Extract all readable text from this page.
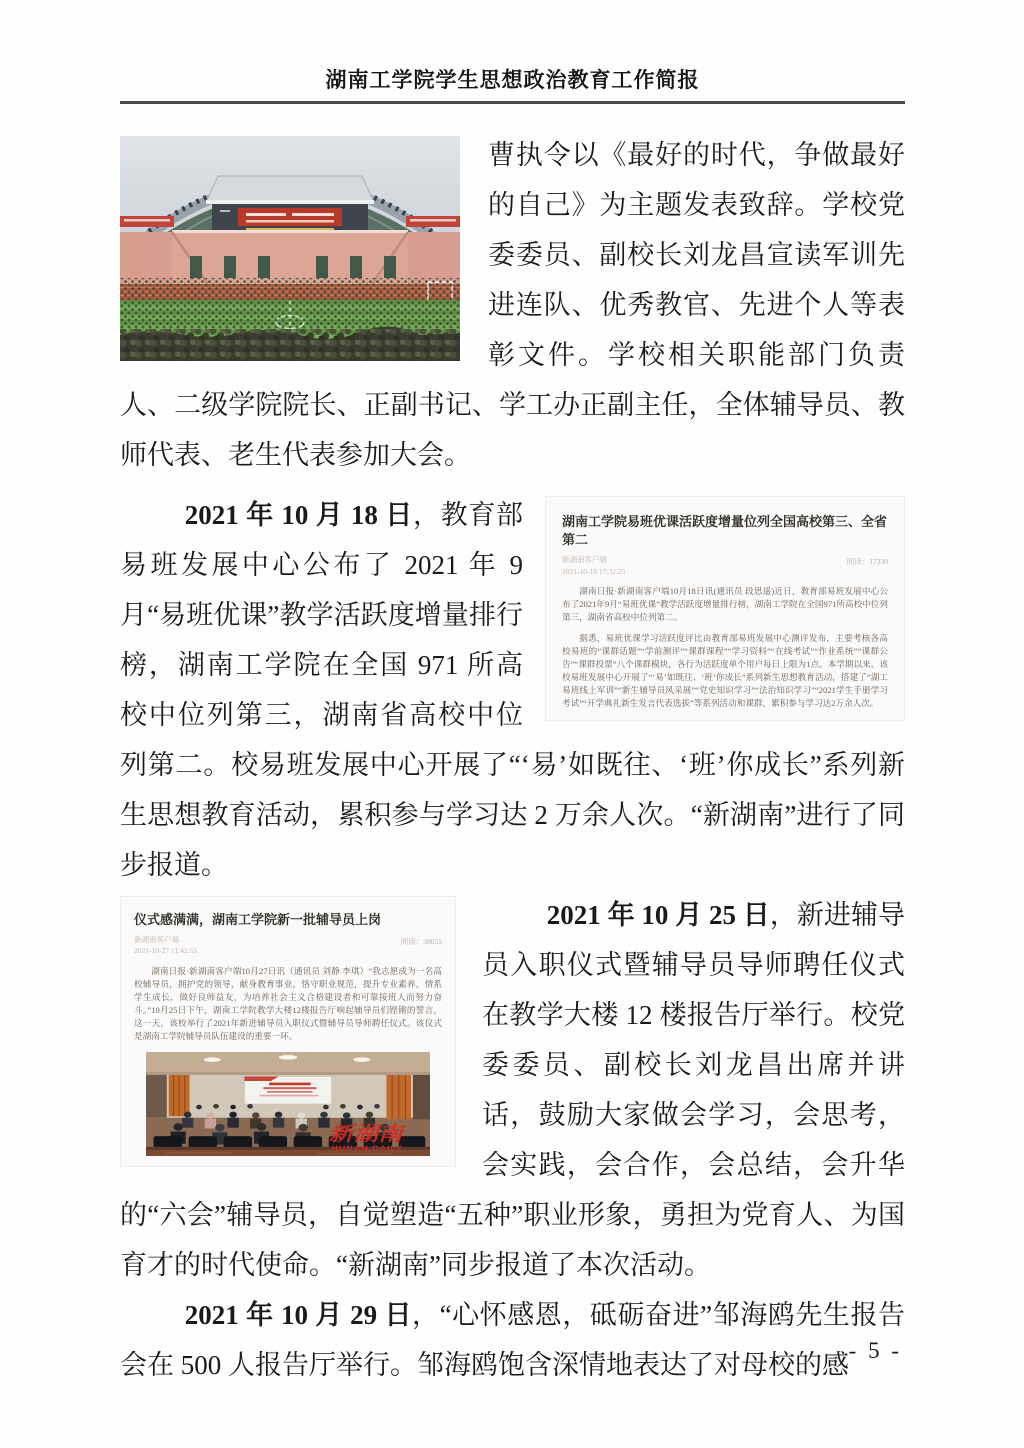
湖南工学院学生思想政治教育工作简报
曹执令以《最好的时代，争做最好的自己》为主题发表致辞。学校党委委员、副校长刘龙昌宣读军训先进连队、优秀教官、先进个人等表彰文件。学校相关职能部门负责人、二级学院院长、正副书记、学工办正副主任，全体辅导员、教师代表、老生代表参加大会。
湖南工学院易班优课活跃度增量位列全国高校第三、全省第二
新湖南客户端
2021-10-18 17:32:25
阅读：17339

湖南日报·新湖南客户端10月18日讯(通讯员 段思遥)近日，教育部易班发展中心公布了2021年9月“易班优课”教学活跃度增量排行榜，湖南工学院在全国971所高校中位列第三，湖南省高校中位列第二。

据悉，易班优课学习活跃度评比由教育部易班发展中心测评发布，主要考核各高校易班的“课群话题”“学前测评”“课群课程”“学习资料”“在线考试”“作业系统”“课群公告”“课群投票”八个课群模块，各行为活跃度单个用户每日上限为1点。本学期以来，该校易班发展中心开展了“‘易’如既往、‘班’你成长”系列新生思想教育活动，搭建了“湖工易班线上军训”“新生辅导员风采展”“党史知识学习”“法治知识学习”“2021学生手册学习考试”“开学典礼新生发言代表选拔”等系列活动和课群，累积参与学习达2万余人次。

2021 年 10 月 18 日，教育部易班发展中心公布了 2021 年 9 月“易班优课”教学活跃度增量排行榜，湖南工学院在全国 971 所高校中位列第三，湖南省高校中位列第二。校易班发展中心开展了“‘易’如既往、‘班’你成长”系列新生思想教育活动，累积参与学习达 2 万余人次。“新湖南”进行了同步报道。
仪式感满满，湖南工学院新一批辅导员上岗
新湖南客户端
2021-10-27 11:42:55
阅读：38055

湖南日报·新湖南客户端10月27日讯（通讯员 刘静 李琪）“我志愿成为一名高校辅导员，拥护党的领导，献身教育事业，恪守职业规范，提升专业素养，情系学生成长，做好良师益友，为培养社会主义合格建设者和可靠接班人而努力奋斗。”10月25日下午，湖南工学院教学大楼12楼报告厅响起辅导员们铿锵的誓言。这一天，该校举行了2021年新进辅导员入职仪式暨辅导员导师聘任仪式。该仪式是湖南工学院辅导员队伍建设的重要一环。

新湖南
HUNAN DAILY
2021 年 10 月 25 日，新进辅导员入职仪式暨辅导员导师聘任仪式在教学大楼 12 楼报告厅举行。校党委委员、副校长刘龙昌出席并讲话，鼓励大家做会学习，会思考，会实践，会合作，会总结，会升华的“六会”辅导员，自觉塑造“五种”职业形象，勇担为党育人、为国育才的时代使命。“新湖南”同步报道了本次活动。
2021 年 10 月 29 日，“心怀感恩，砥砺奋进”邹海鸥先生报告会在 500 人报告厅举行。邹海鸥饱含深情地表达了对母校的感 - 5 -
